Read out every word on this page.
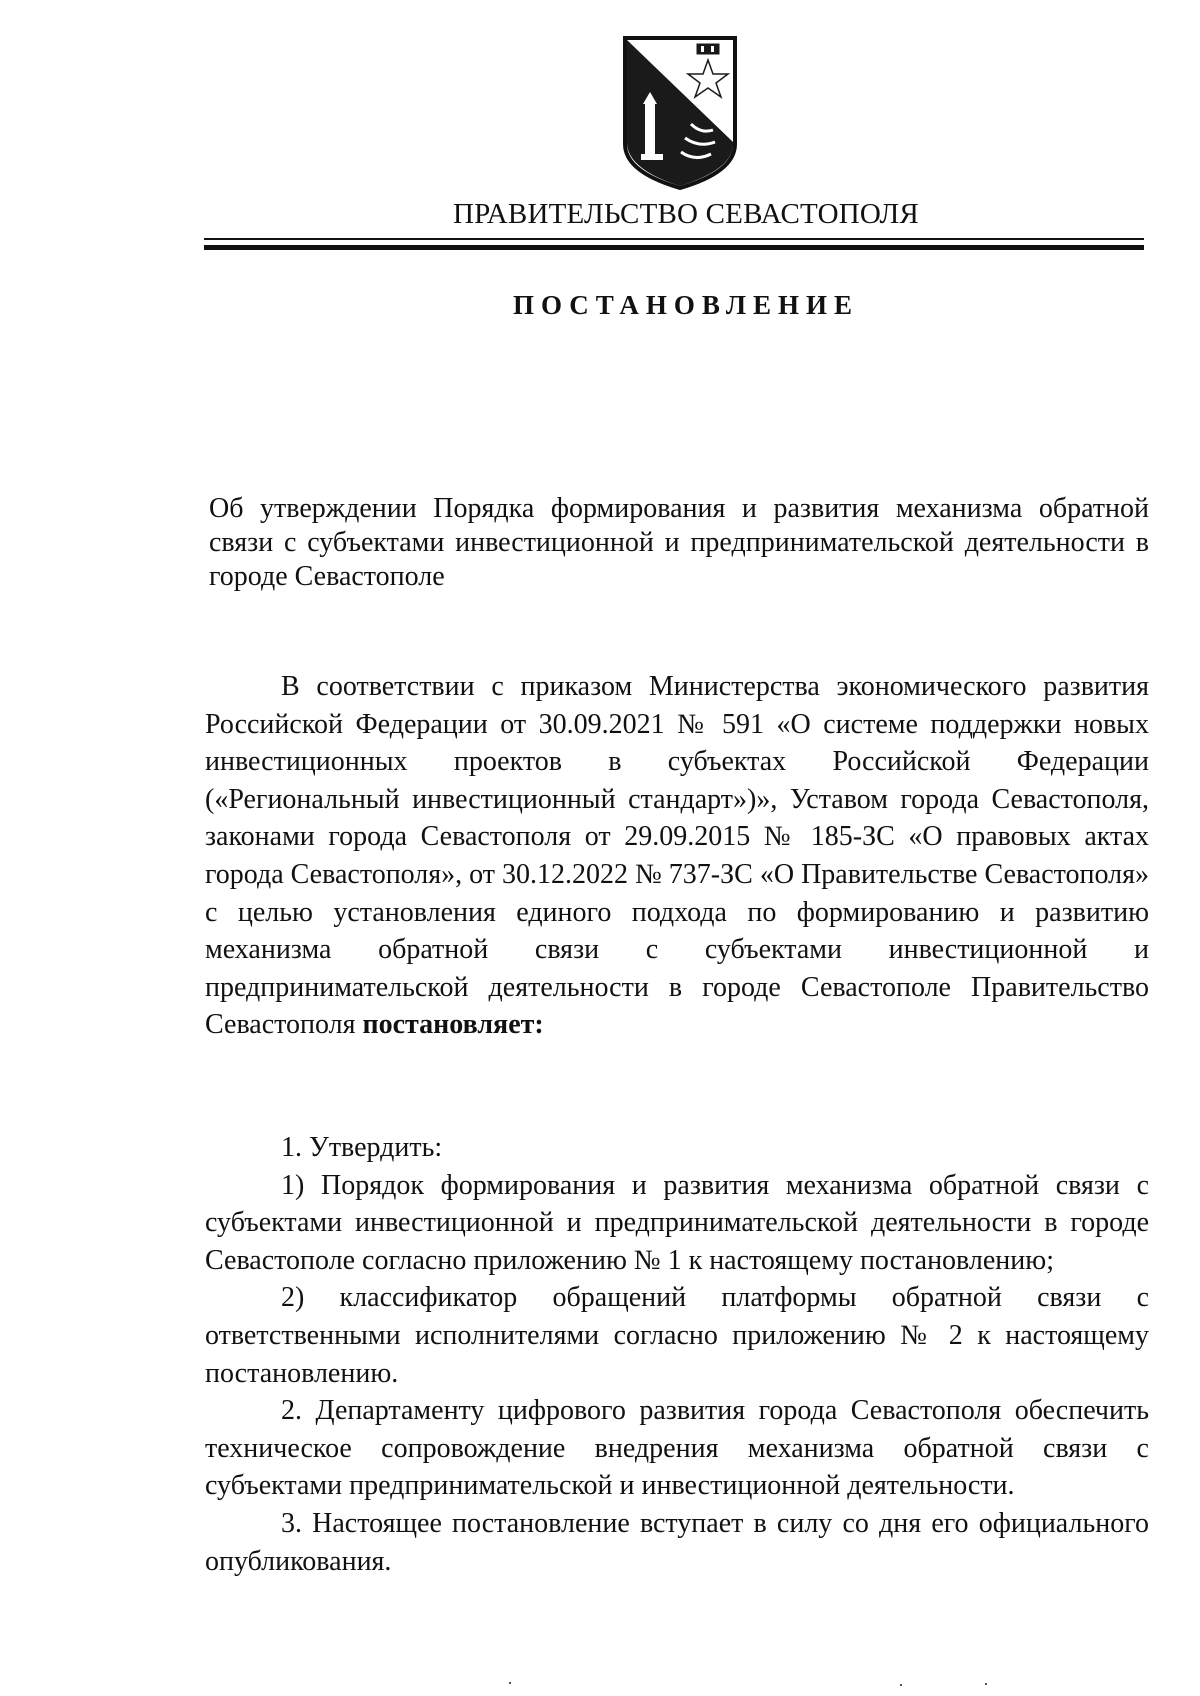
ПРАВИТЕЛЬСТВО СЕВАСТОПОЛЯ
ПОСТАНОВЛЕНИЕ
Об утверждении Порядка формирования и развития механизма обратной связи с субъектами инвестиционной и предпринимательской деятельности в городе Севастополе
В соответствии с приказом Министерства экономического развития Российской Федерации от 30.09.2021 № 591 «О системе поддержки новых инвестиционных проектов в субъектах Российской Федерации («Региональный инвестиционный стандарт»)», Уставом города Севастополя, законами города Севастополя от 29.09.2015 № 185-ЗС «О правовых актах города Севастополя», от 30.12.2022 № 737-ЗС «О Правительстве Севастополя» с целью установления единого подхода по формированию и развитию механизма обратной связи с субъектами инвестиционной и предпринимательской деятельности в городе Севастополе Правительство Севастополя постановляет:

1. Утвердить:

1) Порядок формирования и развития механизма обратной связи с субъектами инвестиционной и предпринимательской деятельности в городе Севастополе согласно приложению № 1 к настоящему постановлению;

2) классификатор обращений платформы обратной связи с ответственными исполнителями согласно приложению № 2 к настоящему постановлению.

2. Департаменту цифрового развития города Севастополя обеспечить техническое сопровождение внедрения механизма обратной связи с субъектами предпринимательской и инвестиционной деятельности.

3. Настоящее постановление вступает в силу со дня его официального опубликования.
